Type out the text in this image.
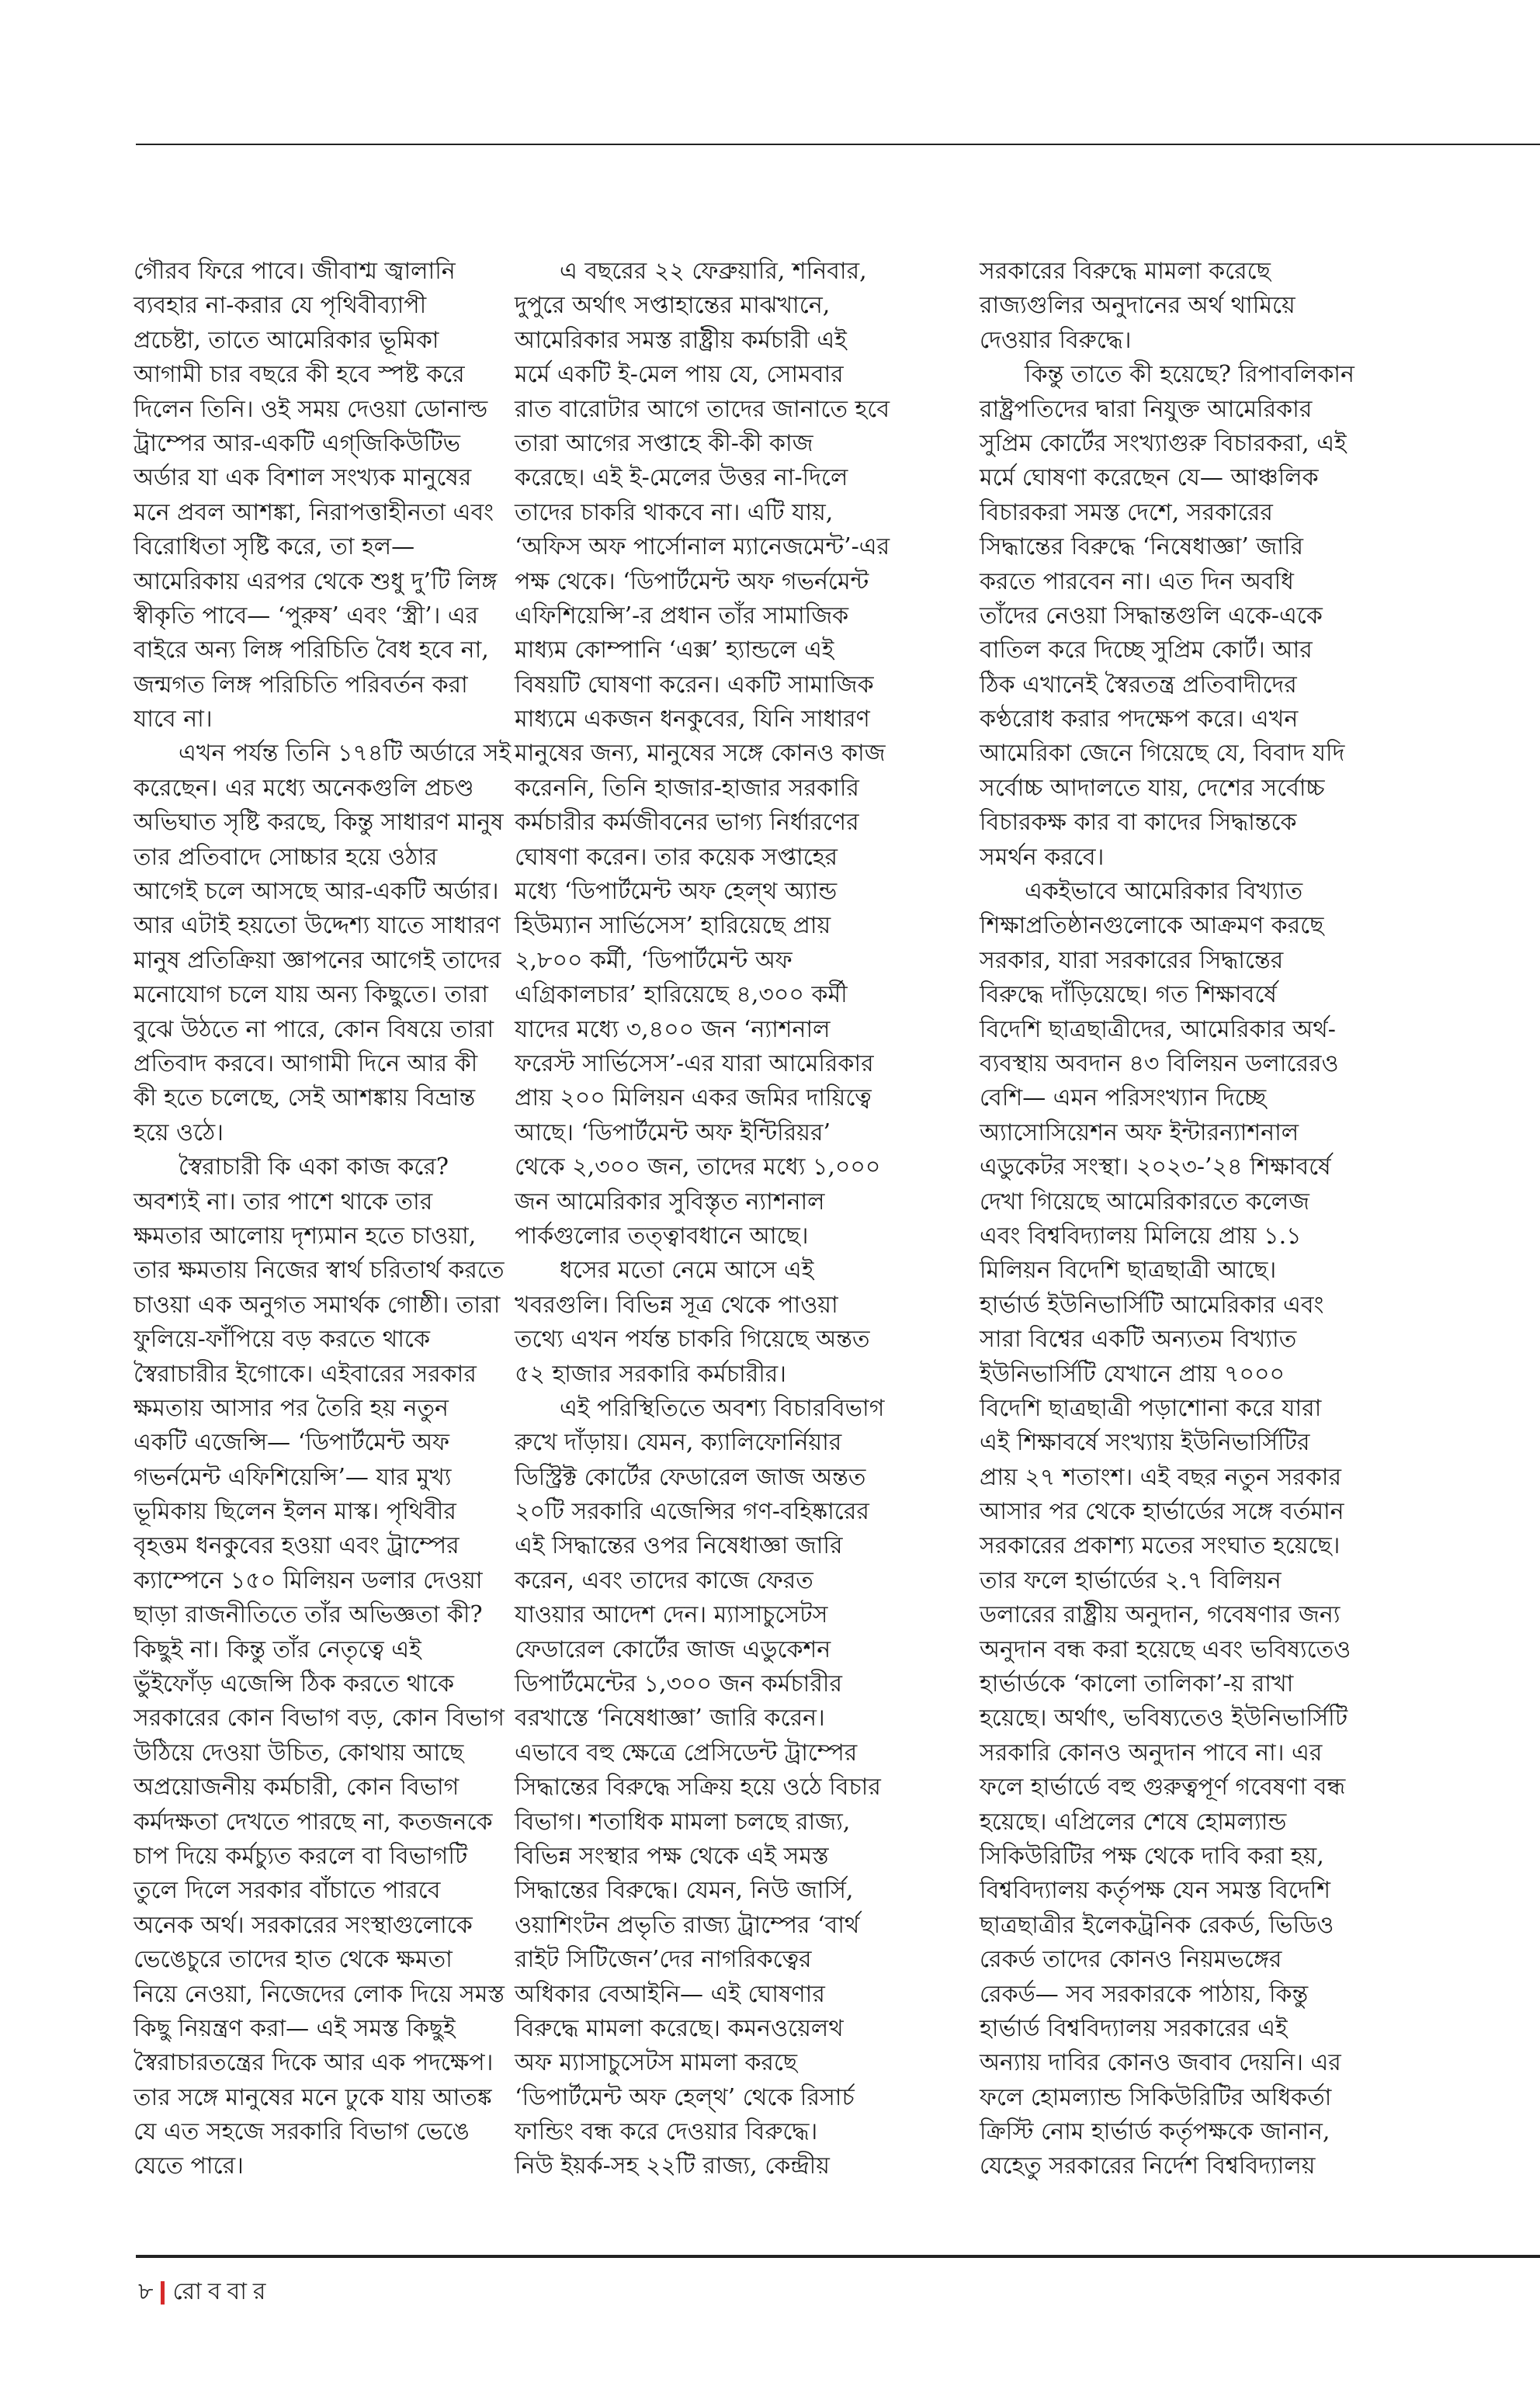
গৌরব ফিরে পাবে। জীবাশ্ম জ্বালানি
ব্যবহার না-করার যে পৃথিবীব্যাপী
প্রচেষ্টা, তাতে আমেরিকার ভূমিকা
আগামী চার বছরে কী হবে স্পষ্ট করে
দিলেন তিনি। ওই সময় দেওয়া ডোনাল্ড
ট্রাম্পের আর-একটি এগ্‌জিকিউটিভ
অর্ডার যা এক বিশাল সংখ্যক মানুষের
মনে প্রবল আশঙ্কা, নিরাপত্তাহীনতা এবং
বিরোধিতা সৃষ্টি করে, তা হল—
আমেরিকায় এরপর থেকে শুধু দু’টি লিঙ্গ
স্বীকৃতি পাবে— ‘পুরুষ’ এবং ‘স্ত্রী’। এর
বাইরে অন্য লিঙ্গ পরিচিতি বৈধ হবে না,
জন্মগত লিঙ্গ পরিচিতি পরিবর্তন করা
যাবে না।
এখন পর্যন্ত তিনি ১৭৪টি অর্ডারে সই
করেছেন। এর মধ্যে অনেকগুলি প্রচণ্ড
অভিঘাত সৃষ্টি করছে, কিন্তু সাধারণ মানুষ
তার প্রতিবাদে সোচ্চার হয়ে ওঠার
আগেই চলে আসছে আর-একটি অর্ডার।
আর এটাই হয়তো উদ্দেশ্য যাতে সাধারণ
মানুষ প্রতিক্রিয়া জ্ঞাপনের আগেই তাদের
মনোযোগ চলে যায় অন্য কিছুতে। তারা
বুঝে উঠতে না পারে, কোন বিষয়ে তারা
প্রতিবাদ করবে। আগামী দিনে আর কী
কী হতে চলেছে, সেই আশঙ্কায় বিভ্রান্ত
হয়ে ওঠে।
স্বৈরাচারী কি একা কাজ করে?
অবশ্যই না। তার পাশে থাকে তার
ক্ষমতার আলোয় দৃশ্যমান হতে চাওয়া,
তার ক্ষমতায় নিজের স্বার্থ চরিতার্থ করতে
চাওয়া এক অনুগত সমার্থক গোষ্ঠী। তারা
ফুলিয়ে-ফাঁপিয়ে বড় করতে থাকে
স্বৈরাচারীর ইগোকে। এইবারের সরকার
ক্ষমতায় আসার পর তৈরি হয় নতুন
একটি এজেন্সি— ‘ডিপার্টমেন্ট অফ
গভর্নমেন্ট এফিশিয়েন্সি’— যার মুখ্য
ভূমিকায় ছিলেন ইলন মাস্ক। পৃথিবীর
বৃহত্তম ধনকুবের হওয়া এবং ট্রাম্পের
ক্যাম্পেনে ১৫০ মিলিয়ন ডলার দেওয়া
ছাড়া রাজনীতিতে তাঁর অভিজ্ঞতা কী?
কিছুই না। কিন্তু তাঁর নেতৃত্বে এই
ভুঁইফোঁড় এজেন্সি ঠিক করতে থাকে
সরকারের কোন বিভাগ বড়, কোন বিভাগ
উঠিয়ে দেওয়া উচিত, কোথায় আছে
অপ্রয়োজনীয় কর্মচারী, কোন বিভাগ
কর্মদক্ষতা দেখতে পারছে না, কতজনকে
চাপ দিয়ে কর্মচ্যুত করলে বা বিভাগটি
তুলে দিলে সরকার বাঁচাতে পারবে
অনেক অর্থ। সরকারের সংস্থাগুলোকে
ভেঙেচুরে তাদের হাত থেকে ক্ষমতা
নিয়ে নেওয়া, নিজেদের লোক দিয়ে সমস্ত
কিছু নিয়ন্ত্রণ করা— এই সমস্ত কিছুই
স্বৈরাচারতন্ত্রের দিকে আর এক পদক্ষেপ।
তার সঙ্গে মানুষের মনে ঢুকে যায় আতঙ্ক
যে এত সহজে সরকারি বিভাগ ভেঙে
যেতে পারে।
এ বছরের ২২ ফেব্রুয়ারি, শনিবার,
দুপুরে অর্থাৎ সপ্তাহান্তের মাঝখানে,
আমেরিকার সমস্ত রাষ্ট্রীয় কর্মচারী এই
মর্মে একটি ই-মেল পায় যে, সোমবার
রাত বারোটার আগে তাদের জানাতে হবে
তারা আগের সপ্তাহে কী-কী কাজ
করেছে। এই ই-মেলের উত্তর না-দিলে
তাদের চাকরি থাকবে না। এটি যায়,
‘অফিস অফ পার্সোনাল ম্যানেজমেন্ট’-এর
পক্ষ থেকে। ‘ডিপার্টমেন্ট অফ গভর্নমেন্ট
এফিশিয়েন্সি’-র প্রধান তাঁর সামাজিক
মাধ্যম কোম্পানি ‘এক্স’ হ্যান্ডলে এই
বিষয়টি ঘোষণা করেন। একটি সামাজিক
মাধ্যমে একজন ধনকুবের, যিনি সাধারণ
মানুষের জন্য, মানুষের সঙ্গে কোনও কাজ
করেননি, তিনি হাজার-হাজার সরকারি
কর্মচারীর কর্মজীবনের ভাগ্য নির্ধারণের
ঘোষণা করেন। তার কয়েক সপ্তাহের
মধ্যে ‘ডিপার্টমেন্ট অফ হেল্‌থ অ্যান্ড
হিউম্যান সার্ভিসেস’ হারিয়েছে প্রায়
২,৮০০ কর্মী, ‘ডিপার্টমেন্ট অফ
এগ্রিকালচার’ হারিয়েছে ৪,৩০০ কর্মী
যাদের মধ্যে ৩,৪০০ জন ‘ন্যাশনাল
ফরেস্ট সার্ভিসেস’-এর যারা আমেরিকার
প্রায় ২০০ মিলিয়ন একর জমির দায়িত্বে
আছে। ‘ডিপার্টমেন্ট অফ ইন্টিরিয়র’
থেকে ২,৩০০ জন, তাদের মধ্যে ১,০০০
জন আমেরিকার সুবিস্তৃত ন্যাশনাল
পার্কগুলোর তত্ত্বাবধানে আছে।
ধসের মতো নেমে আসে এই
খবরগুলি। বিভিন্ন সূত্র থেকে পাওয়া
তথ্যে এখন পর্যন্ত চাকরি গিয়েছে অন্তত
৫২ হাজার সরকারি কর্মচারীর।
এই পরিস্থিতিতে অবশ্য বিচারবিভাগ
রুখে দাঁড়ায়। যেমন, ক্যালিফোর্নিয়ার
ডিস্ট্রিক্ট কোর্টের ফেডারেল জাজ অন্তত
২০টি সরকারি এজেন্সির গণ-বহিষ্কারের
এই সিদ্ধান্তের ওপর নিষেধাজ্ঞা জারি
করেন, এবং তাদের কাজে ফেরত
যাওয়ার আদেশ দেন। ম্যাসাচুসেটস
ফেডারেল কোর্টের জাজ এডুকেশন
ডিপার্টমেন্টের ১,৩০০ জন কর্মচারীর
বরখাস্তে ‘নিষেধাজ্ঞা’ জারি করেন।
এভাবে বহু ক্ষেত্রে প্রেসিডেন্ট ট্রাম্পের
সিদ্ধান্তের বিরুদ্ধে সক্রিয় হয়ে ওঠে বিচার
বিভাগ। শতাধিক মামলা চলছে রাজ্য,
বিভিন্ন সংস্থার পক্ষ থেকে এই সমস্ত
সিদ্ধান্তের বিরুদ্ধে। যেমন, নিউ জার্সি,
ওয়াশিংটন প্রভৃতি রাজ্য ট্রাম্পের ‘বার্থ
রাইট সিটিজেন’দের নাগরিকত্বের
অধিকার বেআইনি— এই ঘোষণার
বিরুদ্ধে মামলা করেছে। কমনওয়েলথ
অফ ম্যাসাচুসেটস মামলা করছে
‘ডিপার্টমেন্ট অফ হেল্‌থ’ থেকে রিসার্চ
ফান্ডিং বন্ধ করে দেওয়ার বিরুদ্ধে।
নিউ ইয়র্ক-সহ ২২টি রাজ্য, কেন্দ্রীয়
সরকারের বিরুদ্ধে মামলা করেছে
রাজ্যগুলির অনুদানের অর্থ থামিয়ে
দেওয়ার বিরুদ্ধে।
কিন্তু তাতে কী হয়েছে? রিপাবলিকান
রাষ্ট্রপতিদের দ্বারা নিযুক্ত আমেরিকার
সুপ্রিম কোর্টের সংখ্যাগুরু বিচারকরা, এই
মর্মে ঘোষণা করেছেন যে— আঞ্চলিক
বিচারকরা সমস্ত দেশে, সরকারের
সিদ্ধান্তের বিরুদ্ধে ‘নিষেধাজ্ঞা’ জারি
করতে পারবেন না। এত দিন অবধি
তাঁদের নেওয়া সিদ্ধান্তগুলি একে-একে
বাতিল করে দিচ্ছে সুপ্রিম কোর্ট। আর
ঠিক এখানেই স্বৈরতন্ত্র প্রতিবাদীদের
কণ্ঠরোধ করার পদক্ষেপ করে। এখন
আমেরিকা জেনে গিয়েছে যে, বিবাদ যদি
সর্বোচ্চ আদালতে যায়, দেশের সর্বোচ্চ
বিচারকক্ষ কার বা কাদের সিদ্ধান্তকে
সমর্থন করবে।
একইভাবে আমেরিকার বিখ্যাত
শিক্ষাপ্রতিষ্ঠানগুলোকে আক্রমণ করছে
সরকার, যারা সরকারের সিদ্ধান্তের
বিরুদ্ধে দাঁড়িয়েছে। গত শিক্ষাবর্ষে
বিদেশি ছাত্রছাত্রীদের, আমেরিকার অর্থ-
ব্যবস্থায় অবদান ৪৩ বিলিয়ন ডলারেরও
বেশি— এমন পরিসংখ্যান দিচ্ছে
অ্যাসোসিয়েশন অফ ইন্টারন্যাশনাল
এডুকেটর সংস্থা। ২০২৩-’২৪ শিক্ষাবর্ষে
দেখা গিয়েছে আমেরিকারতে কলেজ
এবং বিশ্ববিদ্যালয় মিলিয়ে প্রায় ১.১
মিলিয়ন বিদেশি ছাত্রছাত্রী আছে।
হার্ভার্ড ইউনিভার্সিটি আমেরিকার এবং
সারা বিশ্বের একটি অন্যতম বিখ্যাত
ইউনিভার্সিটি যেখানে প্রায় ৭০০০
বিদেশি ছাত্রছাত্রী পড়াশোনা করে যারা
এই শিক্ষাবর্ষে সংখ্যায় ইউনিভার্সিটির
প্রায় ২৭ শতাংশ। এই বছর নতুন সরকার
আসার পর থেকে হার্ভার্ডের সঙ্গে বর্তমান
সরকারের প্রকাশ্য মতের সংঘাত হয়েছে।
তার ফলে হার্ভার্ডের ২.৭ বিলিয়ন
ডলারের রাষ্ট্রীয় অনুদান, গবেষণার জন্য
অনুদান বন্ধ করা হয়েছে এবং ভবিষ্যতেও
হার্ভার্ডকে ‘কালো তালিকা’-য় রাখা
হয়েছে। অর্থাৎ, ভবিষ্যতেও ইউনিভার্সিটি
সরকারি কোনও অনুদান পাবে না। এর
ফলে হার্ভার্ডে বহু গুরুত্বপূর্ণ গবেষণা বন্ধ
হয়েছে। এপ্রিলের শেষে হোমল্যান্ড
সিকিউরিটির পক্ষ থেকে দাবি করা হয়,
বিশ্ববিদ্যালয় কর্তৃপক্ষ যেন সমস্ত বিদেশি
ছাত্রছাত্রীর ইলেকট্রনিক রেকর্ড, ভিডিও
রেকর্ড তাদের কোনও নিয়মভঙ্গের
রেকর্ড— সব সরকারকে পাঠায়, কিন্তু
হার্ভার্ড বিশ্ববিদ্যালয় সরকারের এই
অন্যায় দাবির কোনও জবাব দেয়নি। এর
ফলে হোমল্যান্ড সিকিউরিটির অধিকর্তা
ক্রিস্টি নোম হার্ভার্ড কর্তৃপক্ষকে জানান,
যেহেতু সরকারের নির্দেশ বিশ্ববিদ্যালয়
৮ রোববার
